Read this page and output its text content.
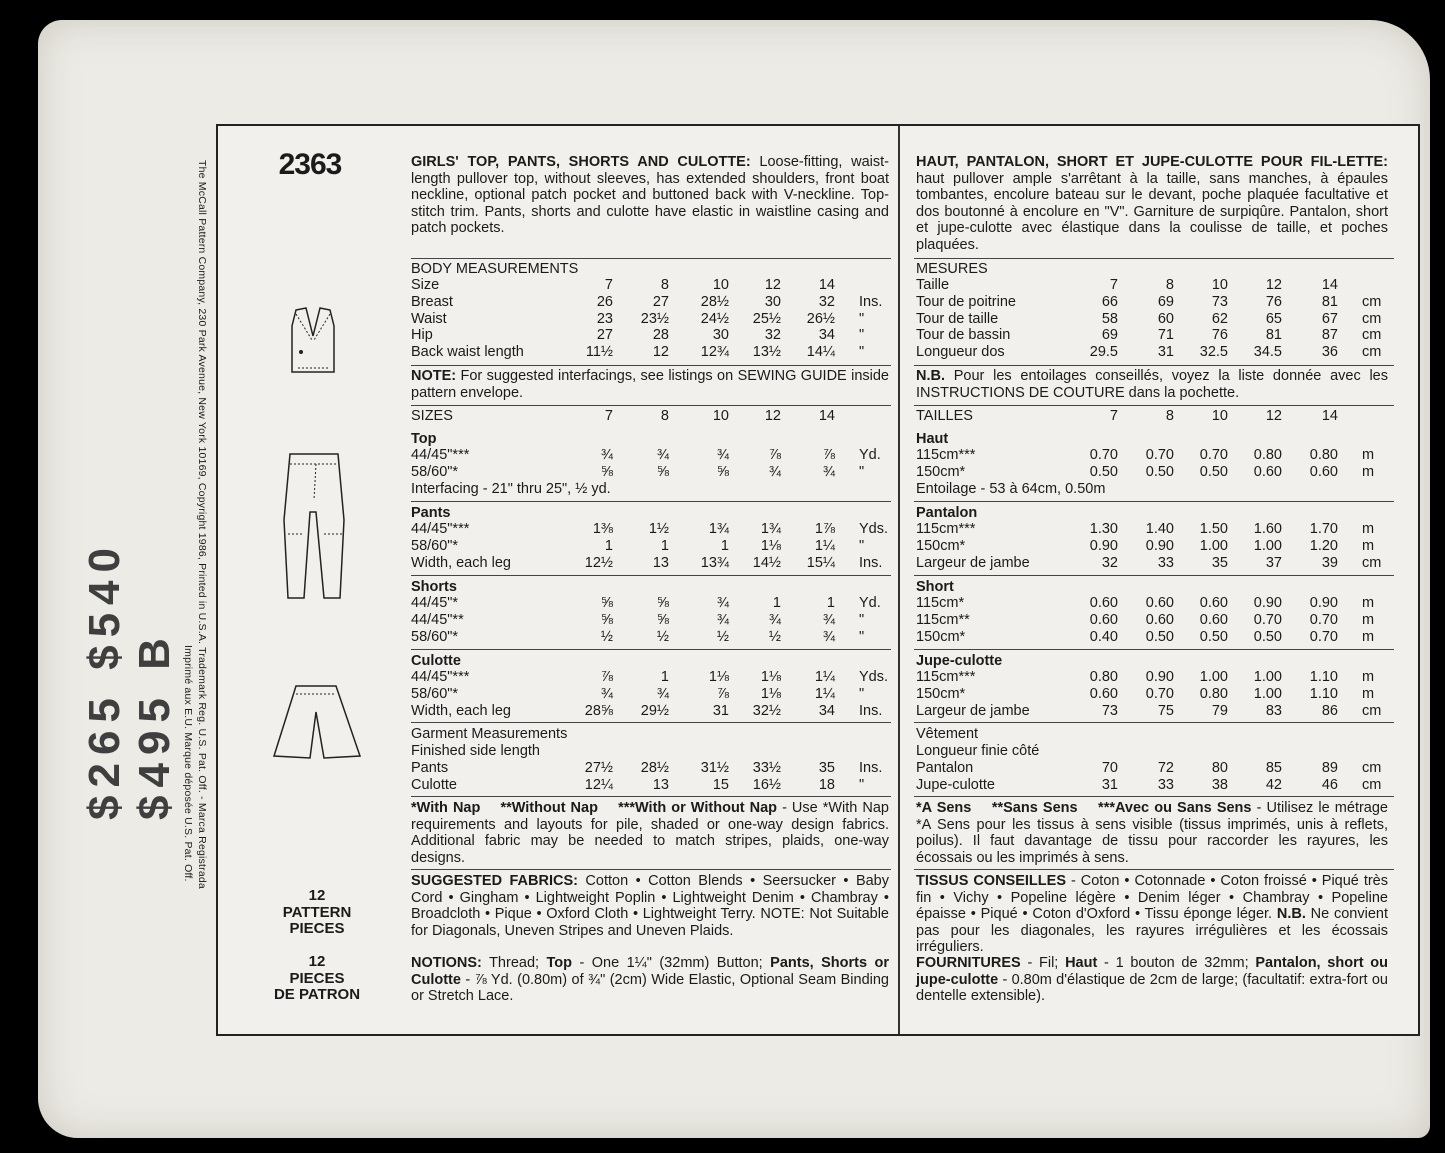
$265 $540 $495 B The McCall Pattern Company, 230 Park Avenue, New York 10169, Copyright 1986, Printed in U.S.A. Trademark Reg. U.S. Pat. Off. - Marca Registrada
Imprimé aux E.U. Marque déposée U.S. Pat. Off.
2363
12
PATTERN
PIECES
12
PIECES
DE PATRON
GIRLS' TOP, PANTS, SHORTS AND CULOTTE: Loose-fitting, waist-length pullover top, without sleeves, has extended shoulders, front boat neckline, optional patch pocket and buttoned back with V-neckline. Top-stitch trim. Pants, shorts and culotte have elastic in waistline casing and patch pockets.
BODY MEASUREMENTS
Size	7	8	10	12	14
Breast	26	27	28½	30	32 Ins.
Waist	23	23½	24½	25½	26½ "
Hip	27	28	30	32	34 "
Back waist length	11½	12	12¾	13½	14¼ "
NOTE: For suggested interfacings, see listings on SEWING GUIDE inside pattern envelope.
SIZES	7	8	10	12	14
Top
44/45"***	¾	¾	¾	⅞	⅞ Yd.
58/60"*	⅝	⅝	⅝	¾	¾ "
Interfacing - 21" thru 25", ½ yd.
Pants
44/45"***	1⅜	1½	1¾	1¾	1⅞ Yds.
58/60"*	1	1	1	1⅛	1¼ "
Width, each leg	12½	13	13¾	14½	15¼ Ins.
Shorts
44/45"*	⅝	⅝	¾	1	1 Yd.
44/45"**	⅝	⅝	¾	¾	¾ "
58/60"*	½	½	½	½	¾ "
Culotte
44/45"***	⅞	1	1⅛	1⅛	1¼ Yds.
58/60"*	¾	¾	⅞	1⅛	1¼ "
Width, each leg	28⅝	29½	31	32½	34 Ins.
Garment Measurements
Finished side length
Pants	27½	28½	31½	33½	35 Ins.
Culotte	12¼	13	15	16½	18 "
*With Nap **Without Nap ***With or Without Nap - Use *With Nap requirements and layouts for pile, shaded or one-way design fabrics. Additional fabric may be needed to match stripes, plaids, one-way designs.
SUGGESTED FABRICS: Cotton • Cotton Blends • Seersucker • Baby Cord • Gingham • Lightweight Poplin • Lightweight Denim • Chambray • Broadcloth • Pique • Oxford Cloth • Lightweight Terry. NOTE: Not Suitable for Diagonals, Uneven Stripes and Uneven Plaids.
NOTIONS: Thread; Top - One 1¼" (32mm) Button; Pants, Shorts or Culotte - ⅞ Yd. (0.80m) of ¾" (2cm) Wide Elastic, Optional Seam Binding or Stretch Lace.
HAUT, PANTALON, SHORT ET JUPE-CULOTTE POUR FIL-LETTE: haut pullover ample s'arrêtant à la taille, sans manches, à épaules tombantes, encolure bateau sur le devant, poche plaquée facultative et dos boutonné à encolure en "V". Garniture de surpiqûre. Pantalon, short et jupe-culotte avec élastique dans la coulisse de taille, et poches plaquées.
MESURES
Taille	7	8	10	12	14
Tour de poitrine	66	69	73	76	81 cm
Tour de taille	58	60	62	65	67 cm
Tour de bassin	69	71	76	81	87 cm
Longueur dos	29.5	31	32.5	34.5	36 cm
N.B. Pour les entoilages conseillés, voyez la liste donnée avec les INSTRUCTIONS DE COUTURE dans la pochette.
TAILLES	7	8	10	12	14
Haut
115cm***	0.70	0.70	0.70	0.80	0.80 m
150cm*	0.50	0.50	0.50	0.60	0.60 m
Entoilage - 53 à 64cm, 0.50m
Pantalon
115cm***	1.30	1.40	1.50	1.60	1.70 m
150cm*	0.90	0.90	1.00	1.00	1.20 m
Largeur de jambe	32	33	35	37	39 cm
Short
115cm*	0.60	0.60	0.60	0.90	0.90 m
115cm**	0.60	0.60	0.60	0.70	0.70 m
150cm*	0.40	0.50	0.50	0.50	0.70 m
Jupe-culotte
115cm***	0.80	0.90	1.00	1.00	1.10 m
150cm*	0.60	0.70	0.80	1.00	1.10 m
Largeur de jambe	73	75	79	83	86 cm
Vêtement
Longueur finie côté
Pantalon	70	72	80	85	89 cm
Jupe-culotte	31	33	38	42	46 cm
*A Sens **Sans Sens ***Avec ou Sans Sens - Utilisez le métrage *A Sens pour les tissus à sens visible (tissus imprimés, unis à reflets, poilus). Il faut davantage de tissu pour raccorder les rayures, les écossais ou les imprimés à sens.
TISSUS CONSEILLES - Coton • Cotonnade • Coton froissé • Piqué très fin • Vichy • Popeline légère • Denim léger • Chambray • Popeline épaisse • Piqué • Coton d'Oxford • Tissu éponge léger. N.B. Ne convient pas pour les diagonales, les rayures irrégulières et les écossais irréguliers.
FOURNITURES - Fil; Haut - 1 bouton de 32mm; Pantalon, short ou jupe-culotte - 0.80m d'élastique de 2cm de large; (facultatif: extra-fort ou dentelle extensible).
